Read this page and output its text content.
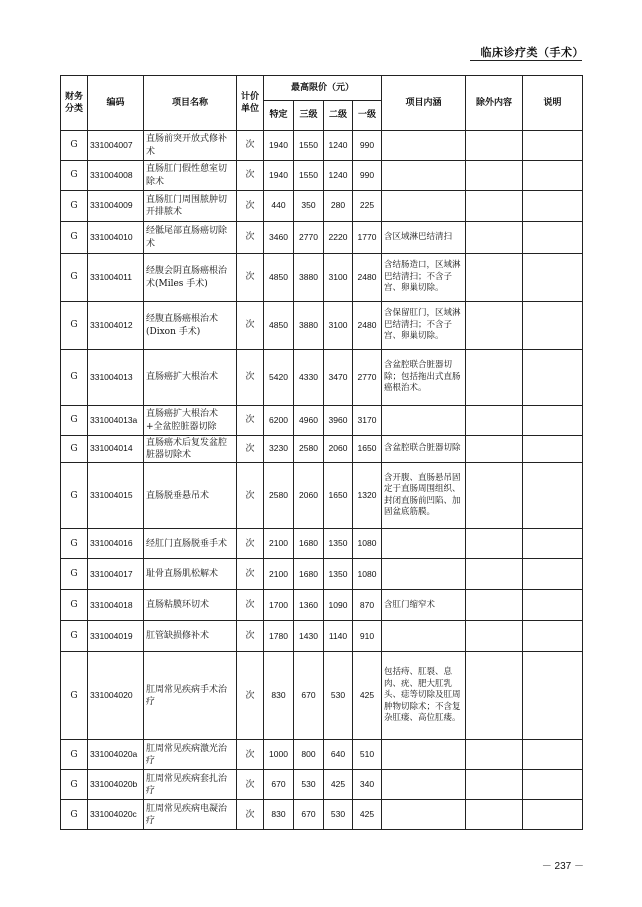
临床诊疗类（手术）
财务分类	编码	项目名称	计价单位	最高限价（元）				项目内涵	除外内容	说明
				特定	三级	二级	一级			
G	331004007	直肠前突开放式修补术	次	1940	1550	1240	990			
G	331004008	直肠肛门假性憩室切除术	次	1940	1550	1240	990			
G	331004009	直肠肛门周围脓肿切开排脓术	次	440	350	280	225			
G	331004010	经骶尾部直肠癌切除术	次	3460	2770	2220	1770	含区域淋巴结清扫		
G	331004011	经腹会阴直肠癌根治术(Miles 手术)	次	4850	3880	3100	2480	含结肠造口，区域淋巴结清扫；不含子宫、卵巢切除。		
G	331004012	经腹直肠癌根治术(Dixon 手术)	次	4850	3880	3100	2480	含保留肛门，区域淋巴结清扫；不含子宫、卵巢切除。		
G	331004013	直肠癌扩大根治术	次	5420	4330	3470	2770	含盆腔联合脏器切除；包括拖出式直肠癌根治术。		
G	331004013a	直肠癌扩大根治术+全盆腔脏器切除	次	6200	4960	3960	3170			
G	331004014	直肠癌术后复发盆腔脏器切除术	次	3230	2580	2060	1650	含盆腔联合脏器切除		
G	331004015	直肠脱垂悬吊术	次	2580	2060	1650	1320	含开腹、直肠悬吊固定于直肠周围组织、封闭直肠前凹陷、加固盆底筋膜。		
G	331004016	经肛门直肠脱垂手术	次	2100	1680	1350	1080			
G	331004017	耻骨直肠肌松解术	次	2100	1680	1350	1080			
G	331004018	直肠粘膜环切术	次	1700	1360	1090	870	含肛门缩窄术		
G	331004019	肛管缺损修补术	次	1780	1430	1140	910			
G	331004020	肛周常见疾病手术治疗	次	830	670	530	425	包括痔、肛裂、息肉、疣、肥大肛乳头、痣等切除及肛周肿物切除术；不含复杂肛瘘、高位肛瘘。		
G	331004020a	肛周常见疾病激光治疗	次	1000	800	640	510			
G	331004020b	肛周常见疾病套扎治疗	次	670	530	425	340			
G	331004020c	肛周常见疾病电凝治疗	次	830	670	530	425			
－ 237 －
